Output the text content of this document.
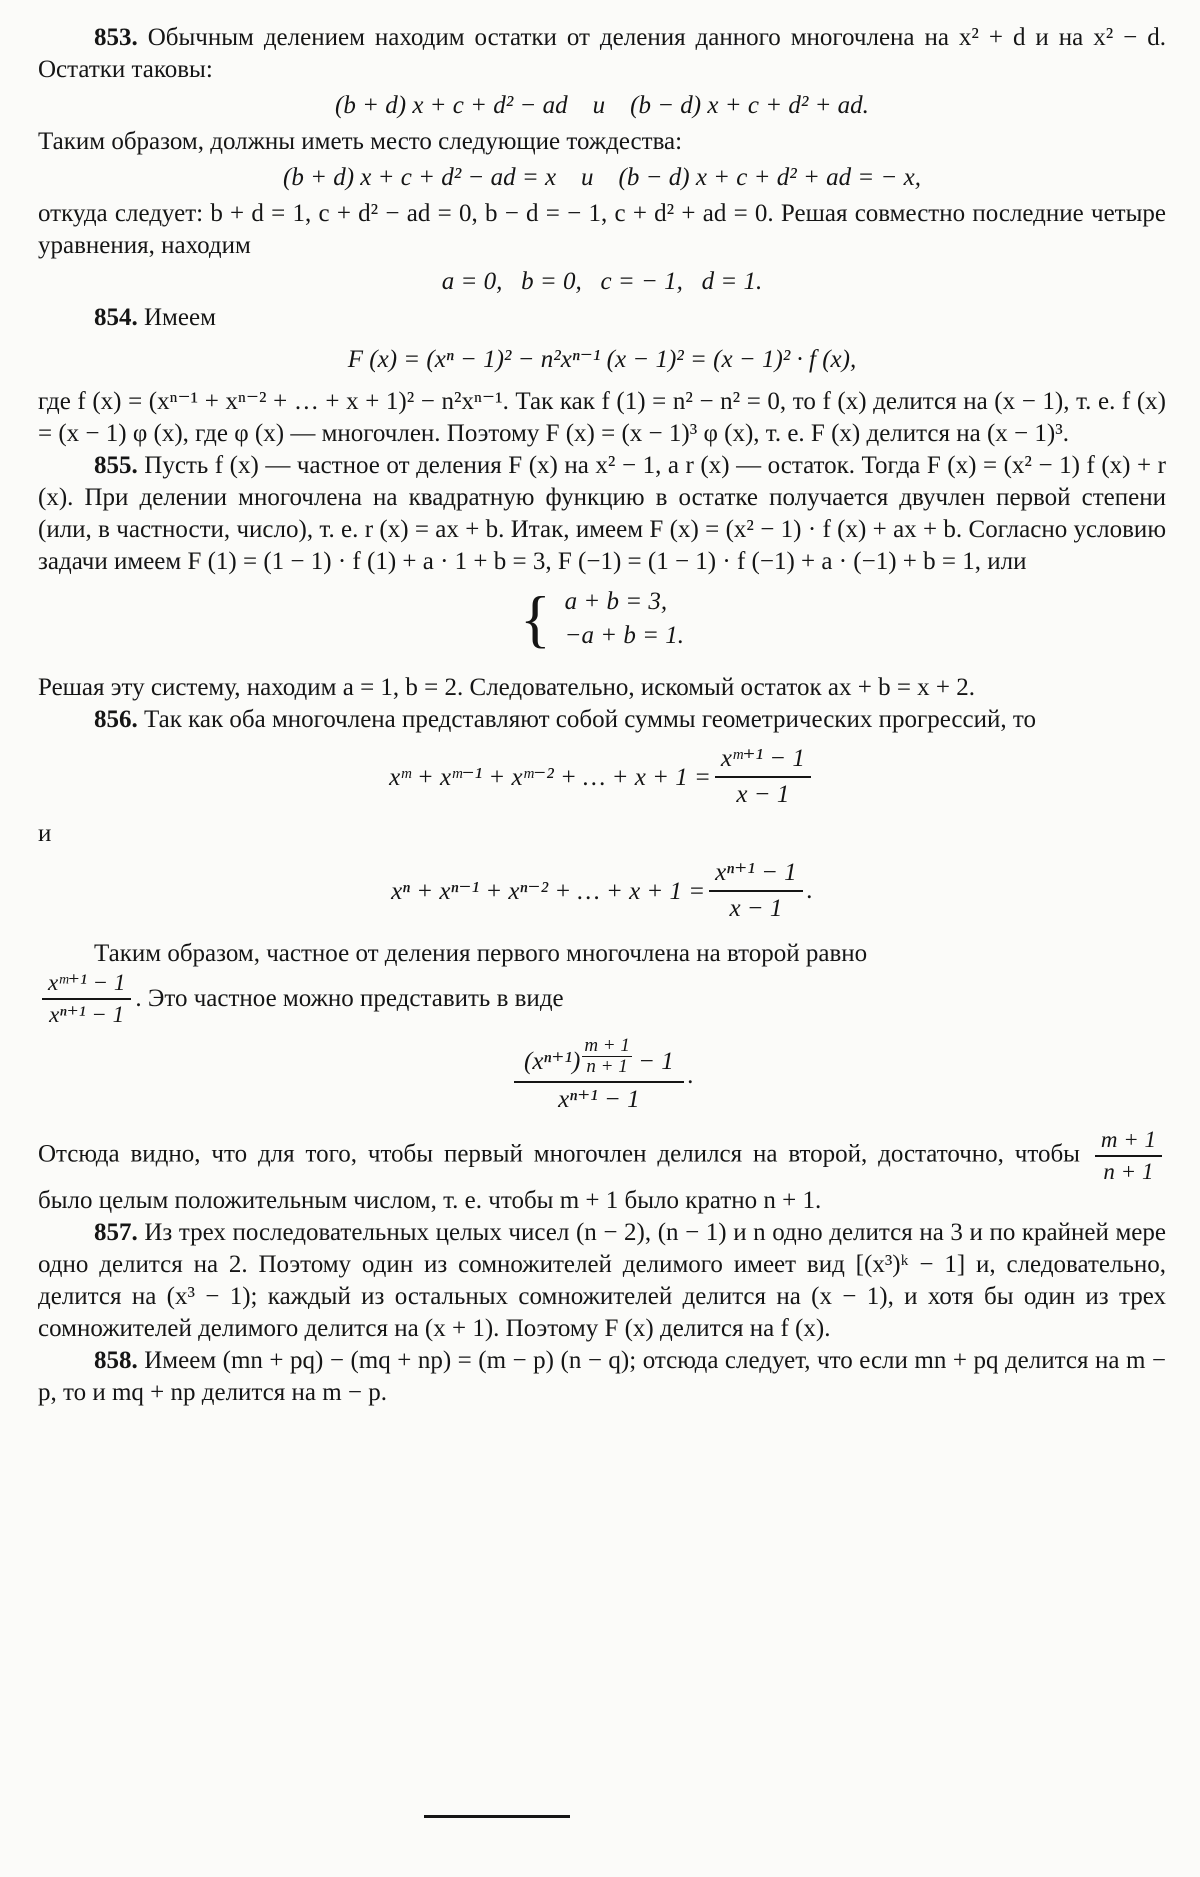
853. Обычным делением находим остатки от деления данного многочлена на x² + d и на x² − d. Остатки таковы:

(b + d) x + c + d² − ad    и    (b − d) x + c + d² + ad.

Таким образом, должны иметь место следующие тождества:

(b + d) x + c + d² − ad = x    и    (b − d) x + c + d² + ad = − x,

откуда следует: b + d = 1, c + d² − ad = 0, b − d = − 1, c + d² + ad = 0. Решая совместно последние четыре уравнения, находим

a = 0,   b = 0,   c = − 1,   d = 1.

854. Имеем

F (x) = (xⁿ − 1)² − n²xⁿ⁻¹ (x − 1)² = (x − 1)² · f (x),

где f (x) = (xⁿ⁻¹ + xⁿ⁻² + … + x + 1)² − n²xⁿ⁻¹. Так как f (1) = n² − n² = 0, то f (x) делится на (x − 1), т. е. f (x) = (x − 1) φ (x), где φ (x) — многочлен. Поэтому F (x) = (x − 1)³ φ (x), т. е. F (x) делится на (x − 1)³.

855. Пусть f (x) — частное от деления F (x) на x² − 1, а r (x) — остаток. Тогда F (x) = (x² − 1) f (x) + r (x). При делении многочлена на квадратную функцию в остатке получается двучлен первой степени (или, в частности, число), т. е. r (x) = ax + b. Итак, имеем F (x) = (x² − 1) · f (x) + ax + b. Согласно условию задачи имеем F (1) = (1 − 1) · f (1) + a · 1 + b = 3, F (−1) = (1 − 1) · f (−1) + a · (−1) + b = 1, или

{ a + b = 3,
−a + b = 1.

Решая эту систему, находим a = 1, b = 2. Следовательно, искомый остаток ax + b = x + 2.

856. Так как оба многочлена представляют собой суммы геометрических прогрессий, то

xᵐ + xᵐ⁻¹ + xᵐ⁻² + … + $x + 1 = \frac{\text{xᵐ⁺¹ − 1}}{x - 1}$
и
xⁿ + xⁿ⁻¹ + xⁿ⁻² + … + $x + 1 = \frac{\text{xⁿ⁺¹ − 1}}{x - 1}$ .

Таким образом, частное от деления первого многочлена на второй равно

$\frac{\text{xᵐ⁺¹ − 1}}{\text{xⁿ⁺¹ − 1}}$ . Это частное можно представить в виде
$\frac{(x^{n+1}) \frac{m + 1}{n + 1} - 1}{\text{xⁿ⁺¹ − 1}}$ .

Отсюда видно, что для того, чтобы первый многочлен делился на второй, достаточно, чтобы $\frac{m + 1}{n + 1}$
было целым положительным числом, т. е. чтобы m + 1 было кратно n + 1.

857. Из трех последовательных целых чисел (n − 2), (n − 1) и n одно делится на 3 и по крайней мере одно делится на 2. Поэтому один из сомножителей делимого имеет вид [(x³)ᵏ − 1] и, следовательно, делится на (x³ − 1); каждый из остальных сомножителей делится на (x − 1), и хотя бы один из трех сомножителей делимого делится на (x + 1). Поэтому F (x) делится на f (x).

858. Имеем (mn + pq) − (mq + np) = (m − p) (n − q); отсюда следует, что если mn + pq делится на m − p, то и mq + np делится на m − p.
